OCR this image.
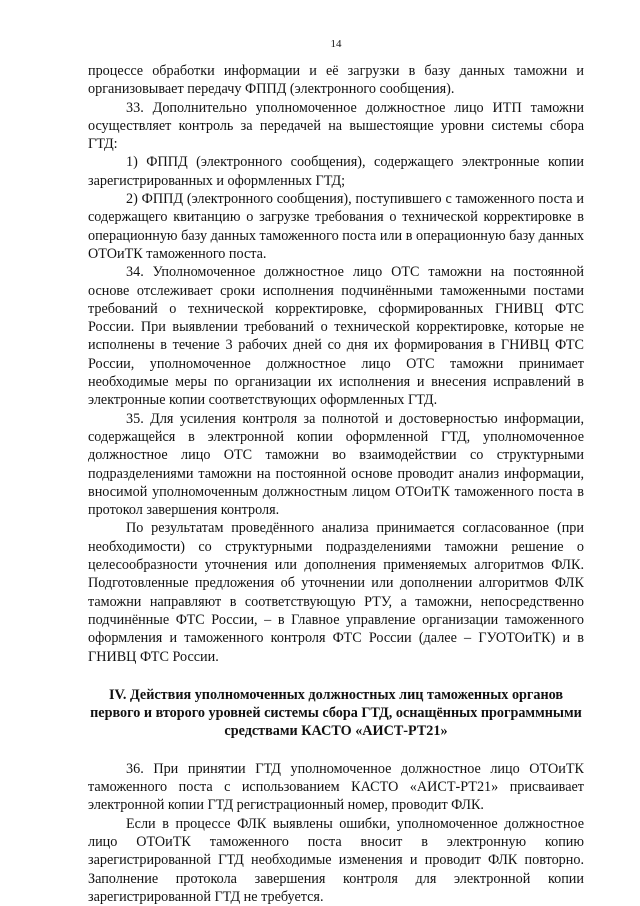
14

процессе обработки информации и её загрузки в базу данных таможни и организовывает передачу ФППД (электронного сообщения).

33. Дополнительно уполномоченное должностное лицо ИТП таможни осуществляет контроль за передачей на вышестоящие уровни системы сбора ГТД:

1) ФППД (электронного сообщения), содержащего электронные копии зарегистрированных и оформленных ГТД;

2) ФППД (электронного сообщения), поступившего с таможенного поста и содержащего квитанцию о загрузке требования о технической корректировке в операционную базу данных таможенного поста или в операционную базу данных ОТОиТК таможенного поста.

34. Уполномоченное должностное лицо ОТС таможни на постоянной основе отслеживает сроки исполнения подчинёнными таможенными постами требований о технической корректировке, сформированных ГНИВЦ ФТС России. При выявлении требований о технической корректировке, которые не исполнены в течение 3 рабочих дней со дня их формирования в ГНИВЦ ФТС России, уполномоченное должностное лицо ОТС таможни принимает необходимые меры по организации их исполнения и внесения исправлений в электронные копии соответствующих оформленных ГТД.

35. Для усиления контроля за полнотой и достоверностью информации, содержащейся в электронной копии оформленной ГТД, уполномоченное должностное лицо ОТС таможни во взаимодействии со структурными подразделениями таможни на постоянной основе проводит анализ информации, вносимой уполномоченным должностным лицом ОТОиТК таможенного поста в протокол завершения контроля.

По результатам проведённого анализа принимается согласованное (при необходимости) со структурными подразделениями таможни решение о целесообразности уточнения или дополнения применяемых алгоритмов ФЛК. Подготовленные предложения об уточнении или дополнении алгоритмов ФЛК таможни направляют в соответствующую РТУ, а таможни, непосредственно подчинённые ФТС России, – в Главное управление организации таможенного оформления и таможенного контроля ФТС России (далее – ГУОТОиТК) и в ГНИВЦ ФТС России.

IV. Действия уполномоченных должностных лиц таможенных органов первого и второго уровней системы сбора ГТД, оснащённых программными средствами КАСТО «АИСТ-РТ21»

36. При принятии ГТД уполномоченное должностное лицо ОТОиТК таможенного поста с использованием КАСТО «АИСТ-РТ21» присваивает электронной копии ГТД регистрационный номер, проводит ФЛК.

Если в процессе ФЛК выявлены ошибки, уполномоченное должностное лицо ОТОиТК таможенного поста вносит в электронную копию зарегистрированной ГТД необходимые изменения и проводит ФЛК повторно. Заполнение протокола завершения контроля для электронной копии зарегистрированной ГТД не требуется.
